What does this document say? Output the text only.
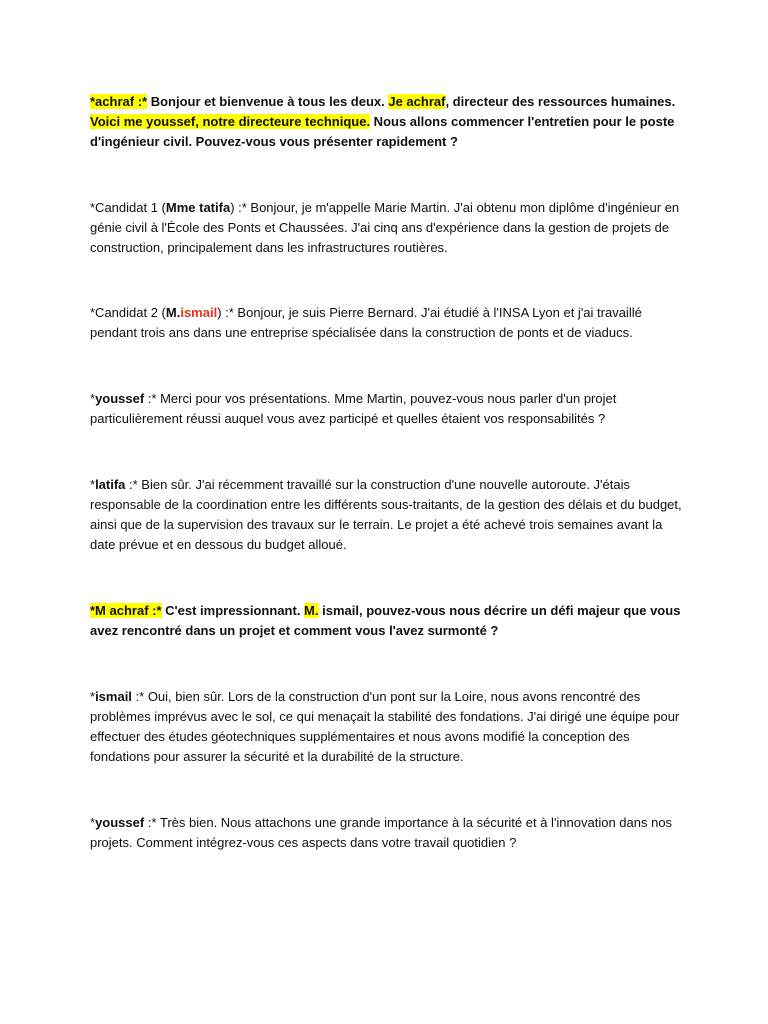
*achraf :* Bonjour et bienvenue à tous les deux. Je achraf, directeur des ressources humaines. Voici me youssef, notre directeure technique. Nous allons commencer l'entretien pour le poste d'ingénieur civil. Pouvez-vous vous présenter rapidement ?

*Candidat 1 (Mme tatifa) :* Bonjour, je m'appelle Marie Martin. J'ai obtenu mon diplôme d'ingénieur en génie civil à l'École des Ponts et Chaussées. J'ai cinq ans d'expérience dans la gestion de projets de construction, principalement dans les infrastructures routières.

*Candidat 2 (M.ismail) :* Bonjour, je suis Pierre Bernard. J'ai étudié à l'INSA Lyon et j'ai travaillé pendant trois ans dans une entreprise spécialisée dans la construction de ponts et de viaducs.

*youssef :* Merci pour vos présentations. Mme Martin, pouvez-vous nous parler d'un projet particulièrement réussi auquel vous avez participé et quelles étaient vos responsabilités ?

*latifa :* Bien sûr. J'ai récemment travaillé sur la construction d'une nouvelle autoroute. J'étais responsable de la coordination entre les différents sous-traitants, de la gestion des délais et du budget, ainsi que de la supervision des travaux sur le terrain. Le projet a été achevé trois semaines avant la date prévue et en dessous du budget alloué.

*M achraf :* C'est impressionnant. M. ismail, pouvez-vous nous décrire un défi majeur que vous avez rencontré dans un projet et comment vous l'avez surmonté ?

*ismail :* Oui, bien sûr. Lors de la construction d'un pont sur la Loire, nous avons rencontré des problèmes imprévus avec le sol, ce qui menaçait la stabilité des fondations. J'ai dirigé une équipe pour effectuer des études géotechniques supplémentaires et nous avons modifié la conception des fondations pour assurer la sécurité et la durabilité de la structure.

*youssef :* Très bien. Nous attachons une grande importance à la sécurité et à l'innovation dans nos projets. Comment intégrez-vous ces aspects dans votre travail quotidien ?
